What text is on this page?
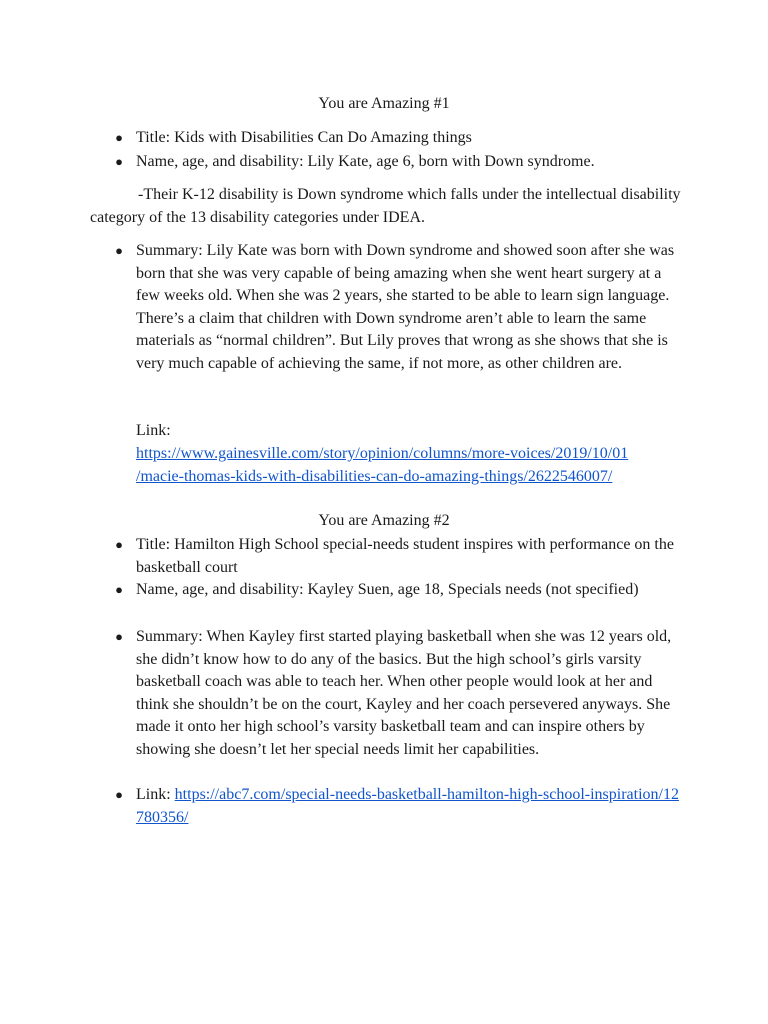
You are Amazing #1
● Title: Kids with Disabilities Can Do Amazing things
● Name, age, and disability: Lily Kate, age 6, born with Down syndrome.
-Their K-12 disability is Down syndrome which falls under the intellectual disability category of the 13 disability categories under IDEA.
● Summary: Lily Kate was born with Down syndrome and showed soon after she was born that she was very capable of being amazing when she went heart surgery at a few weeks old. When she was 2 years, she started to be able to learn sign language. There’s a claim that children with Down syndrome aren’t able to learn the same materials as “normal children”. But Lily proves that wrong as she shows that she is very much capable of achieving the same, if not more, as other children are.
Link:
https://www.gainesville.com/story/opinion/columns/more-voices/2019/10/01
/macie-thomas-kids-with-disabilities-can-do-amazing-things/2622546007/
You are Amazing #2
● Title: Hamilton High School special-needs student inspires with performance on the basketball court
● Name, age, and disability: Kayley Suen, age 18, Specials needs (not specified)
● Summary: When Kayley first started playing basketball when she was 12 years old, she didn’t know how to do any of the basics. But the high school’s girls varsity basketball coach was able to teach her. When other people would look at her and think she shouldn’t be on the court, Kayley and her coach persevered anyways. She made it onto her high school’s varsity basketball team and can inspire others by showing she doesn’t let her special needs limit her capabilities.
● Link: https://abc7.com/special-needs-basketball-hamilton-high-school-inspiration/12780356/
